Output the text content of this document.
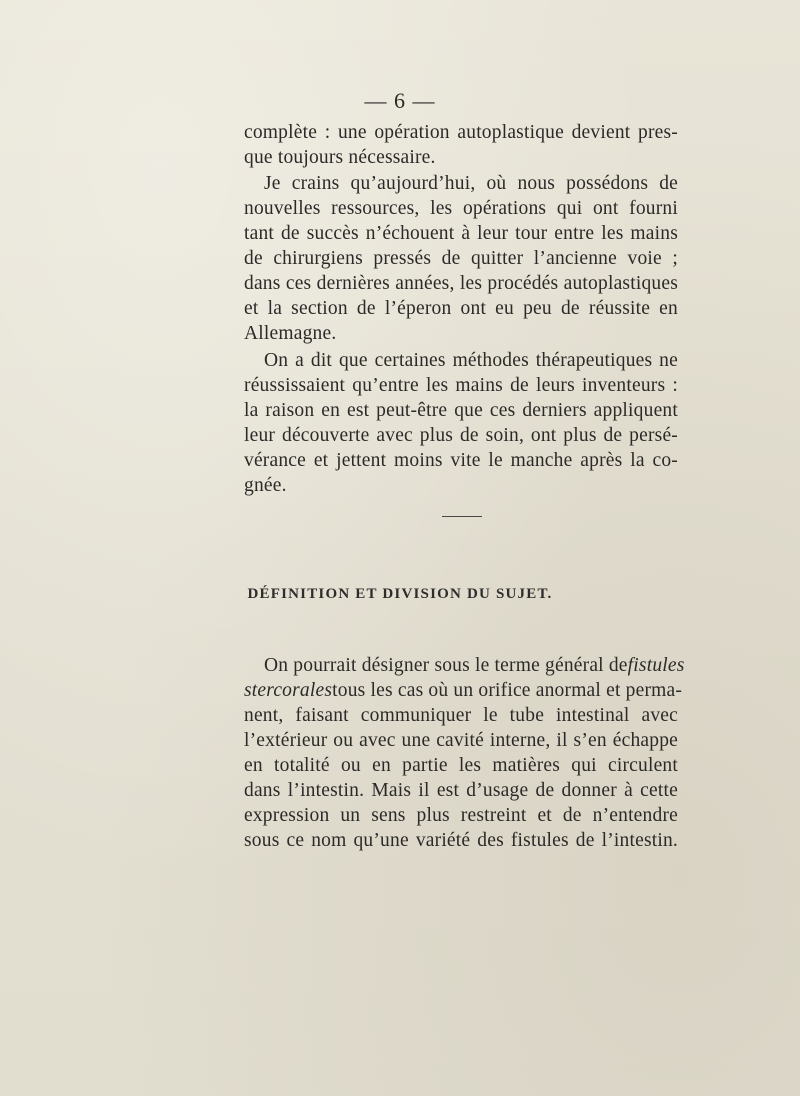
— 6 —
complète : une opération autoplastique devient pres-
que toujours nécessaire.
Je crains qu’aujourd’hui, où nous possédons de
nouvelles ressources, les opérations qui ont fourni
tant de succès n’échouent à leur tour entre les mains
de chirurgiens pressés de quitter l’ancienne voie ;
dans ces dernières années, les procédés autoplastiques
et la section de l’éperon ont eu peu de réussite en
Allemagne.
On a dit que certaines méthodes thérapeutiques ne
réussissaient qu’entre les mains de leurs inventeurs :
la raison en est peut-être que ces derniers appliquent
leur découverte avec plus de soin, ont plus de persé-
vérance et jettent moins vite le manche après la co-
gnée.
DÉFINITION ET DIVISION DU SUJET.
On pourrait désigner sous le terme général de fistules
stercorales tous les cas où un orifice anormal et perma-
nent, faisant communiquer le tube intestinal avec
l’extérieur ou avec une cavité interne, il s’en échappe
en totalité ou en partie les matières qui circulent
dans l’intestin. Mais il est d’usage de donner à cette
expression un sens plus restreint et de n’entendre
sous ce nom qu’une variété des fistules de l’intestin.
